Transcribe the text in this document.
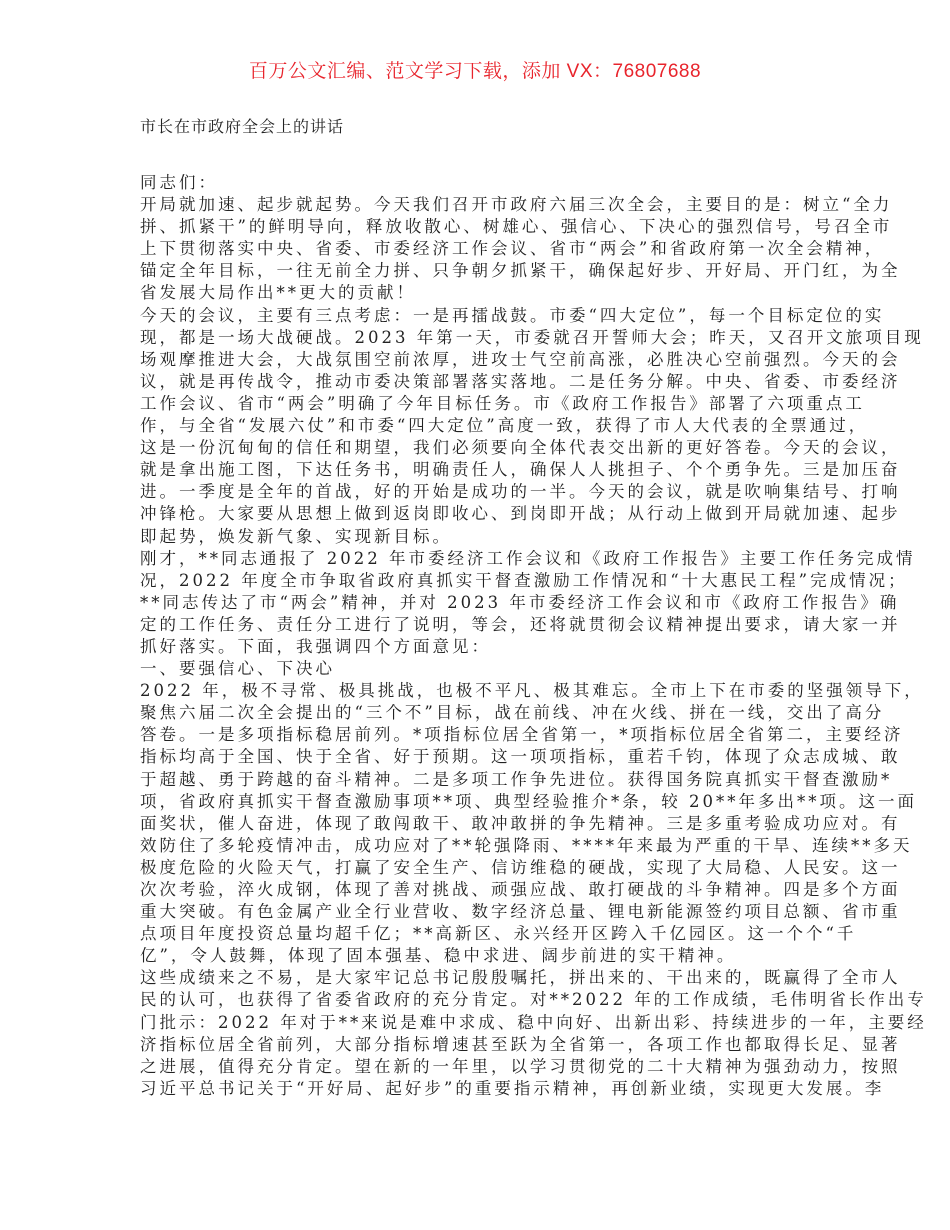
百万公文汇编、范文学习下载，添加 VX：76807688
市长在市政府全会上的讲话
同志们：
开局就加速、起步就起势。今天我们召开市政府六届三次全会，主要目的是：树立“全力
拼、抓紧干”的鲜明导向，释放收散心、树雄心、强信心、下决心的强烈信号，号召全市
上下贯彻落实中央、省委、市委经济工作会议、省市“两会”和省政府第一次全会精神，
锚定全年目标，一往无前全力拼、只争朝夕抓紧干，确保起好步、开好局、开门红，为全
省发展大局作出**更大的贡献！
今天的会议，主要有三点考虑：一是再擂战鼓。市委“四大定位”，每一个目标定位的实
现，都是一场大战硬战。2023 年第一天，市委就召开誓师大会；昨天，又召开文旅项目现
场观摩推进大会，大战氛围空前浓厚，进攻士气空前高涨，必胜决心空前强烈。今天的会
议，就是再传战令，推动市委决策部署落实落地。二是任务分解。中央、省委、市委经济
工作会议、省市“两会”明确了今年目标任务。市《政府工作报告》部署了六项重点工
作，与全省“发展六仗”和市委“四大定位”高度一致，获得了市人大代表的全票通过，
这是一份沉甸甸的信任和期望，我们必须要向全体代表交出新的更好答卷。今天的会议，
就是拿出施工图，下达任务书，明确责任人，确保人人挑担子、个个勇争先。三是加压奋
进。一季度是全年的首战，好的开始是成功的一半。今天的会议，就是吹响集结号、打响
冲锋枪。大家要从思想上做到返岗即收心、到岗即开战；从行动上做到开局就加速、起步
即起势，焕发新气象、实现新目标。
刚才，**同志通报了 2022 年市委经济工作会议和《政府工作报告》主要工作任务完成情
况，2022 年度全市争取省政府真抓实干督查激励工作情况和“十大惠民工程”完成情况；
**同志传达了市“两会”精神，并对 2023 年市委经济工作会议和市《政府工作报告》确
定的工作任务、责任分工进行了说明，等会，还将就贯彻会议精神提出要求，请大家一并
抓好落实。下面，我强调四个方面意见：
一、要强信心、下决心
2022 年，极不寻常、极具挑战，也极不平凡、极其难忘。全市上下在市委的坚强领导下，
聚焦六届二次全会提出的“三个不”目标，战在前线、冲在火线、拼在一线，交出了高分
答卷。一是多项指标稳居前列。*项指标位居全省第一，*项指标位居全省第二，主要经济
指标均高于全国、快于全省、好于预期。这一项项指标，重若千钧，体现了众志成城、敢
于超越、勇于跨越的奋斗精神。二是多项工作争先进位。获得国务院真抓实干督查激励*
项，省政府真抓实干督查激励事项**项、典型经验推介*条，较 20**年多出**项。这一面
面奖状，催人奋进，体现了敢闯敢干、敢冲敢拼的争先精神。三是多重考验成功应对。有
效防住了多轮疫情冲击，成功应对了**轮强降雨、****年来最为严重的干旱、连续**多天
极度危险的火险天气，打赢了安全生产、信访维稳的硬战，实现了大局稳、人民安。这一
次次考验，淬火成钢，体现了善对挑战、顽强应战、敢打硬战的斗争精神。四是多个方面
重大突破。有色金属产业全行业营收、数字经济总量、锂电新能源签约项目总额、省市重
点项目年度投资总量均超千亿；**高新区、永兴经开区跨入千亿园区。这一个个“千
亿”，令人鼓舞，体现了固本强基、稳中求进、阔步前进的实干精神。
这些成绩来之不易，是大家牢记总书记殷殷嘱托，拼出来的、干出来的，既赢得了全市人
民的认可，也获得了省委省政府的充分肯定。对**2022 年的工作成绩，毛伟明省长作出专
门批示：2022 年对于**来说是难中求成、稳中向好、出新出彩、持续进步的一年，主要经
济指标位居全省前列，大部分指标增速甚至跃为全省第一，各项工作也都取得长足、显著
之进展，值得充分肯定。望在新的一年里，以学习贯彻党的二十大精神为强劲动力，按照
习近平总书记关于“开好局、起好步”的重要指示精神，再创新业绩，实现更大发展。李
